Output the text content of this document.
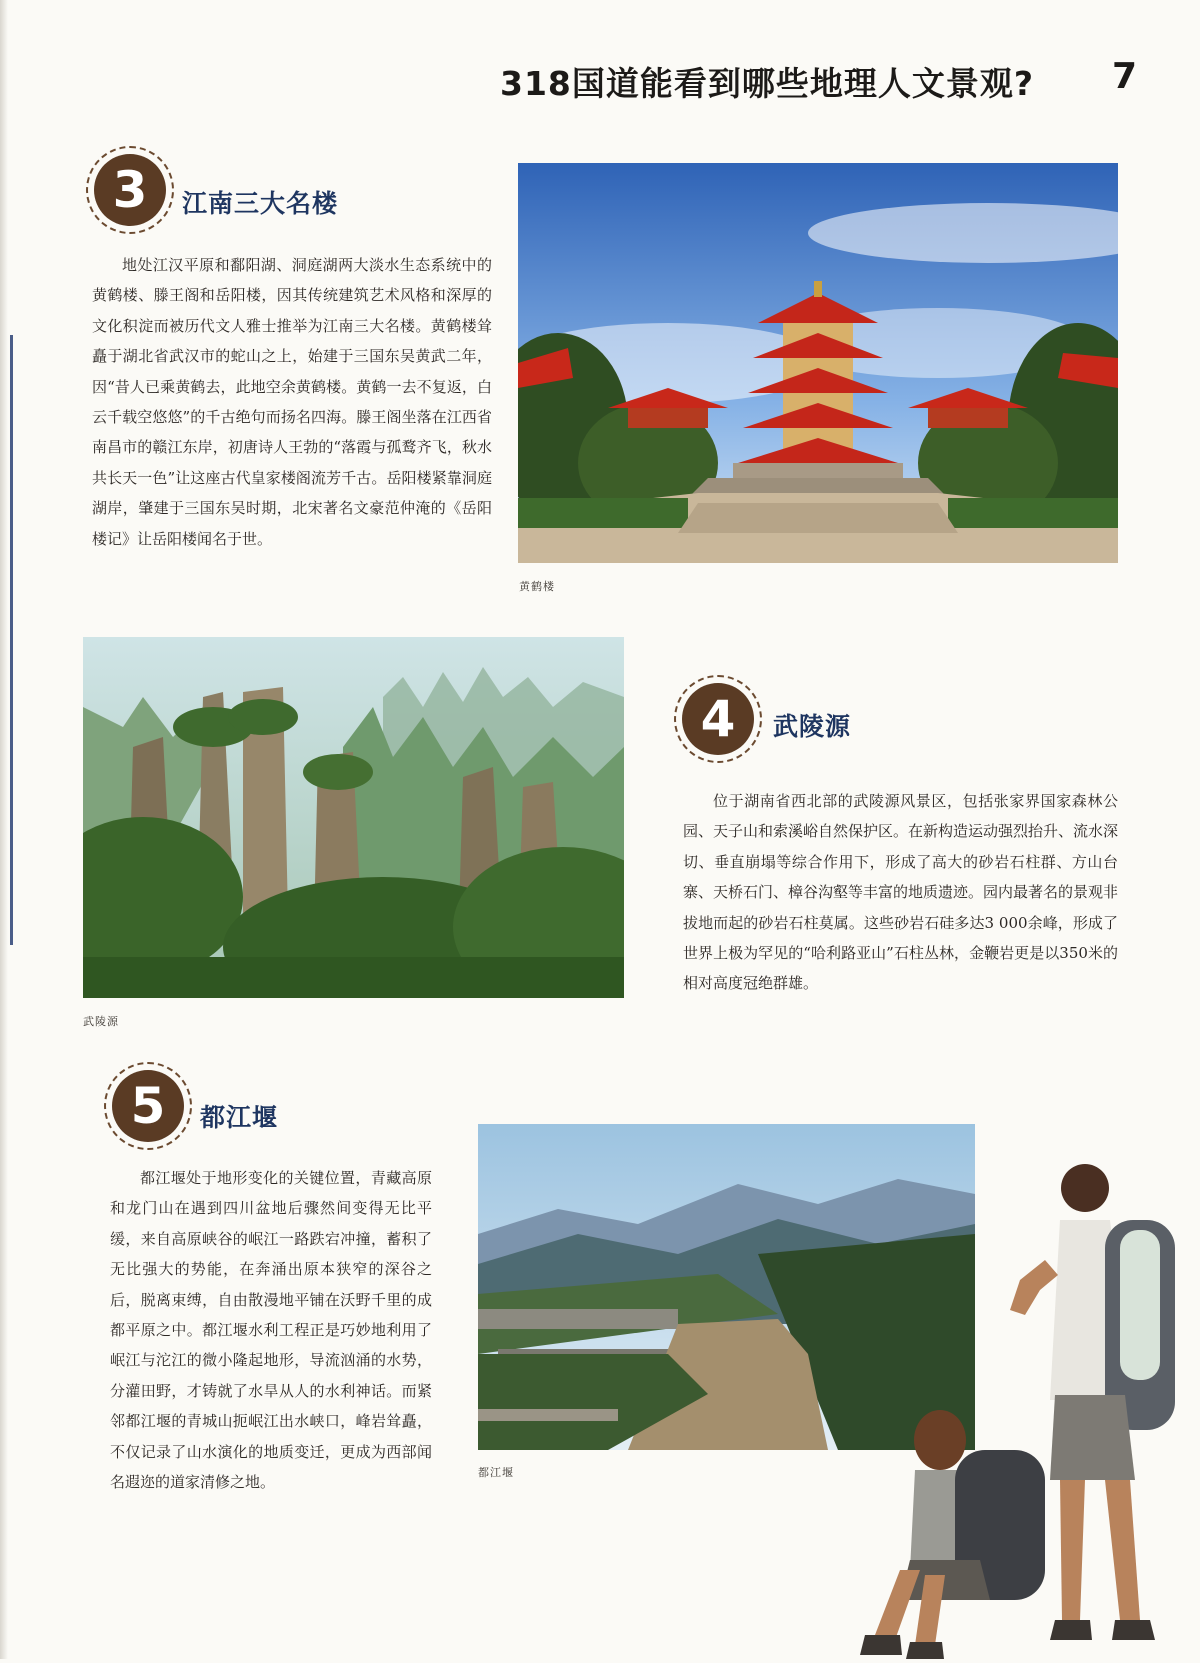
318国道能看到哪些地理人文景观? 7
3	江南三大名楼
地处江汉平原和鄱阳湖、洞庭湖两大淡水生态系统中的黄鹤楼、滕王阁和岳阳楼，因其传统建筑艺术风格和深厚的文化积淀而被历代文人雅士推举为江南三大名楼。黄鹤楼耸矗于湖北省武汉市的蛇山之上，始建于三国东吴黄武二年，因“昔人已乘黄鹤去，此地空余黄鹤楼。黄鹤一去不复返，白云千载空悠悠”的千古绝句而扬名四海。滕王阁坐落在江西省南昌市的赣江东岸，初唐诗人王勃的“落霞与孤鹜齐飞，秋水共长天一色”让这座古代皇家楼阁流芳千古。岳阳楼紧靠洞庭湖岸，肇建于三国东吴时期，北宋著名文豪范仲淹的《岳阳楼记》让岳阳楼闻名于世。
黄鹤楼
武陵源
4	武陵源
位于湖南省西北部的武陵源风景区，包括张家界国家森林公园、天子山和索溪峪自然保护区。在新构造运动强烈抬升、流水深切、垂直崩塌等综合作用下，形成了高大的砂岩石柱群、方山台寨、天桥石门、樟谷沟壑等丰富的地质遗迹。园内最著名的景观非拔地而起的砂岩石柱莫属。这些砂岩石硅多达3 000余峰，形成了世界上极为罕见的“哈利路亚山”石柱丛林，金鞭岩更是以350米的相对高度冠绝群雄。
5	都江堰
都江堰处于地形变化的关键位置，青藏高原和龙门山在遇到四川盆地后骤然间变得无比平缓，来自高原峡谷的岷江一路跌宕冲撞，蓄积了无比强大的势能，在奔涌出原本狭窄的深谷之后，脱离束缚，自由散漫地平铺在沃野千里的成都平原之中。都江堰水利工程正是巧妙地利用了岷江与沱江的微小隆起地形，导流汹涌的水势，分灌田野，才铸就了水旱从人的水利神话。而紧邻都江堰的青城山扼岷江出水峡口，峰岩耸矗，不仅记录了山水演化的地质变迁，更成为西部闻名遐迩的道家清修之地。
都江堰
